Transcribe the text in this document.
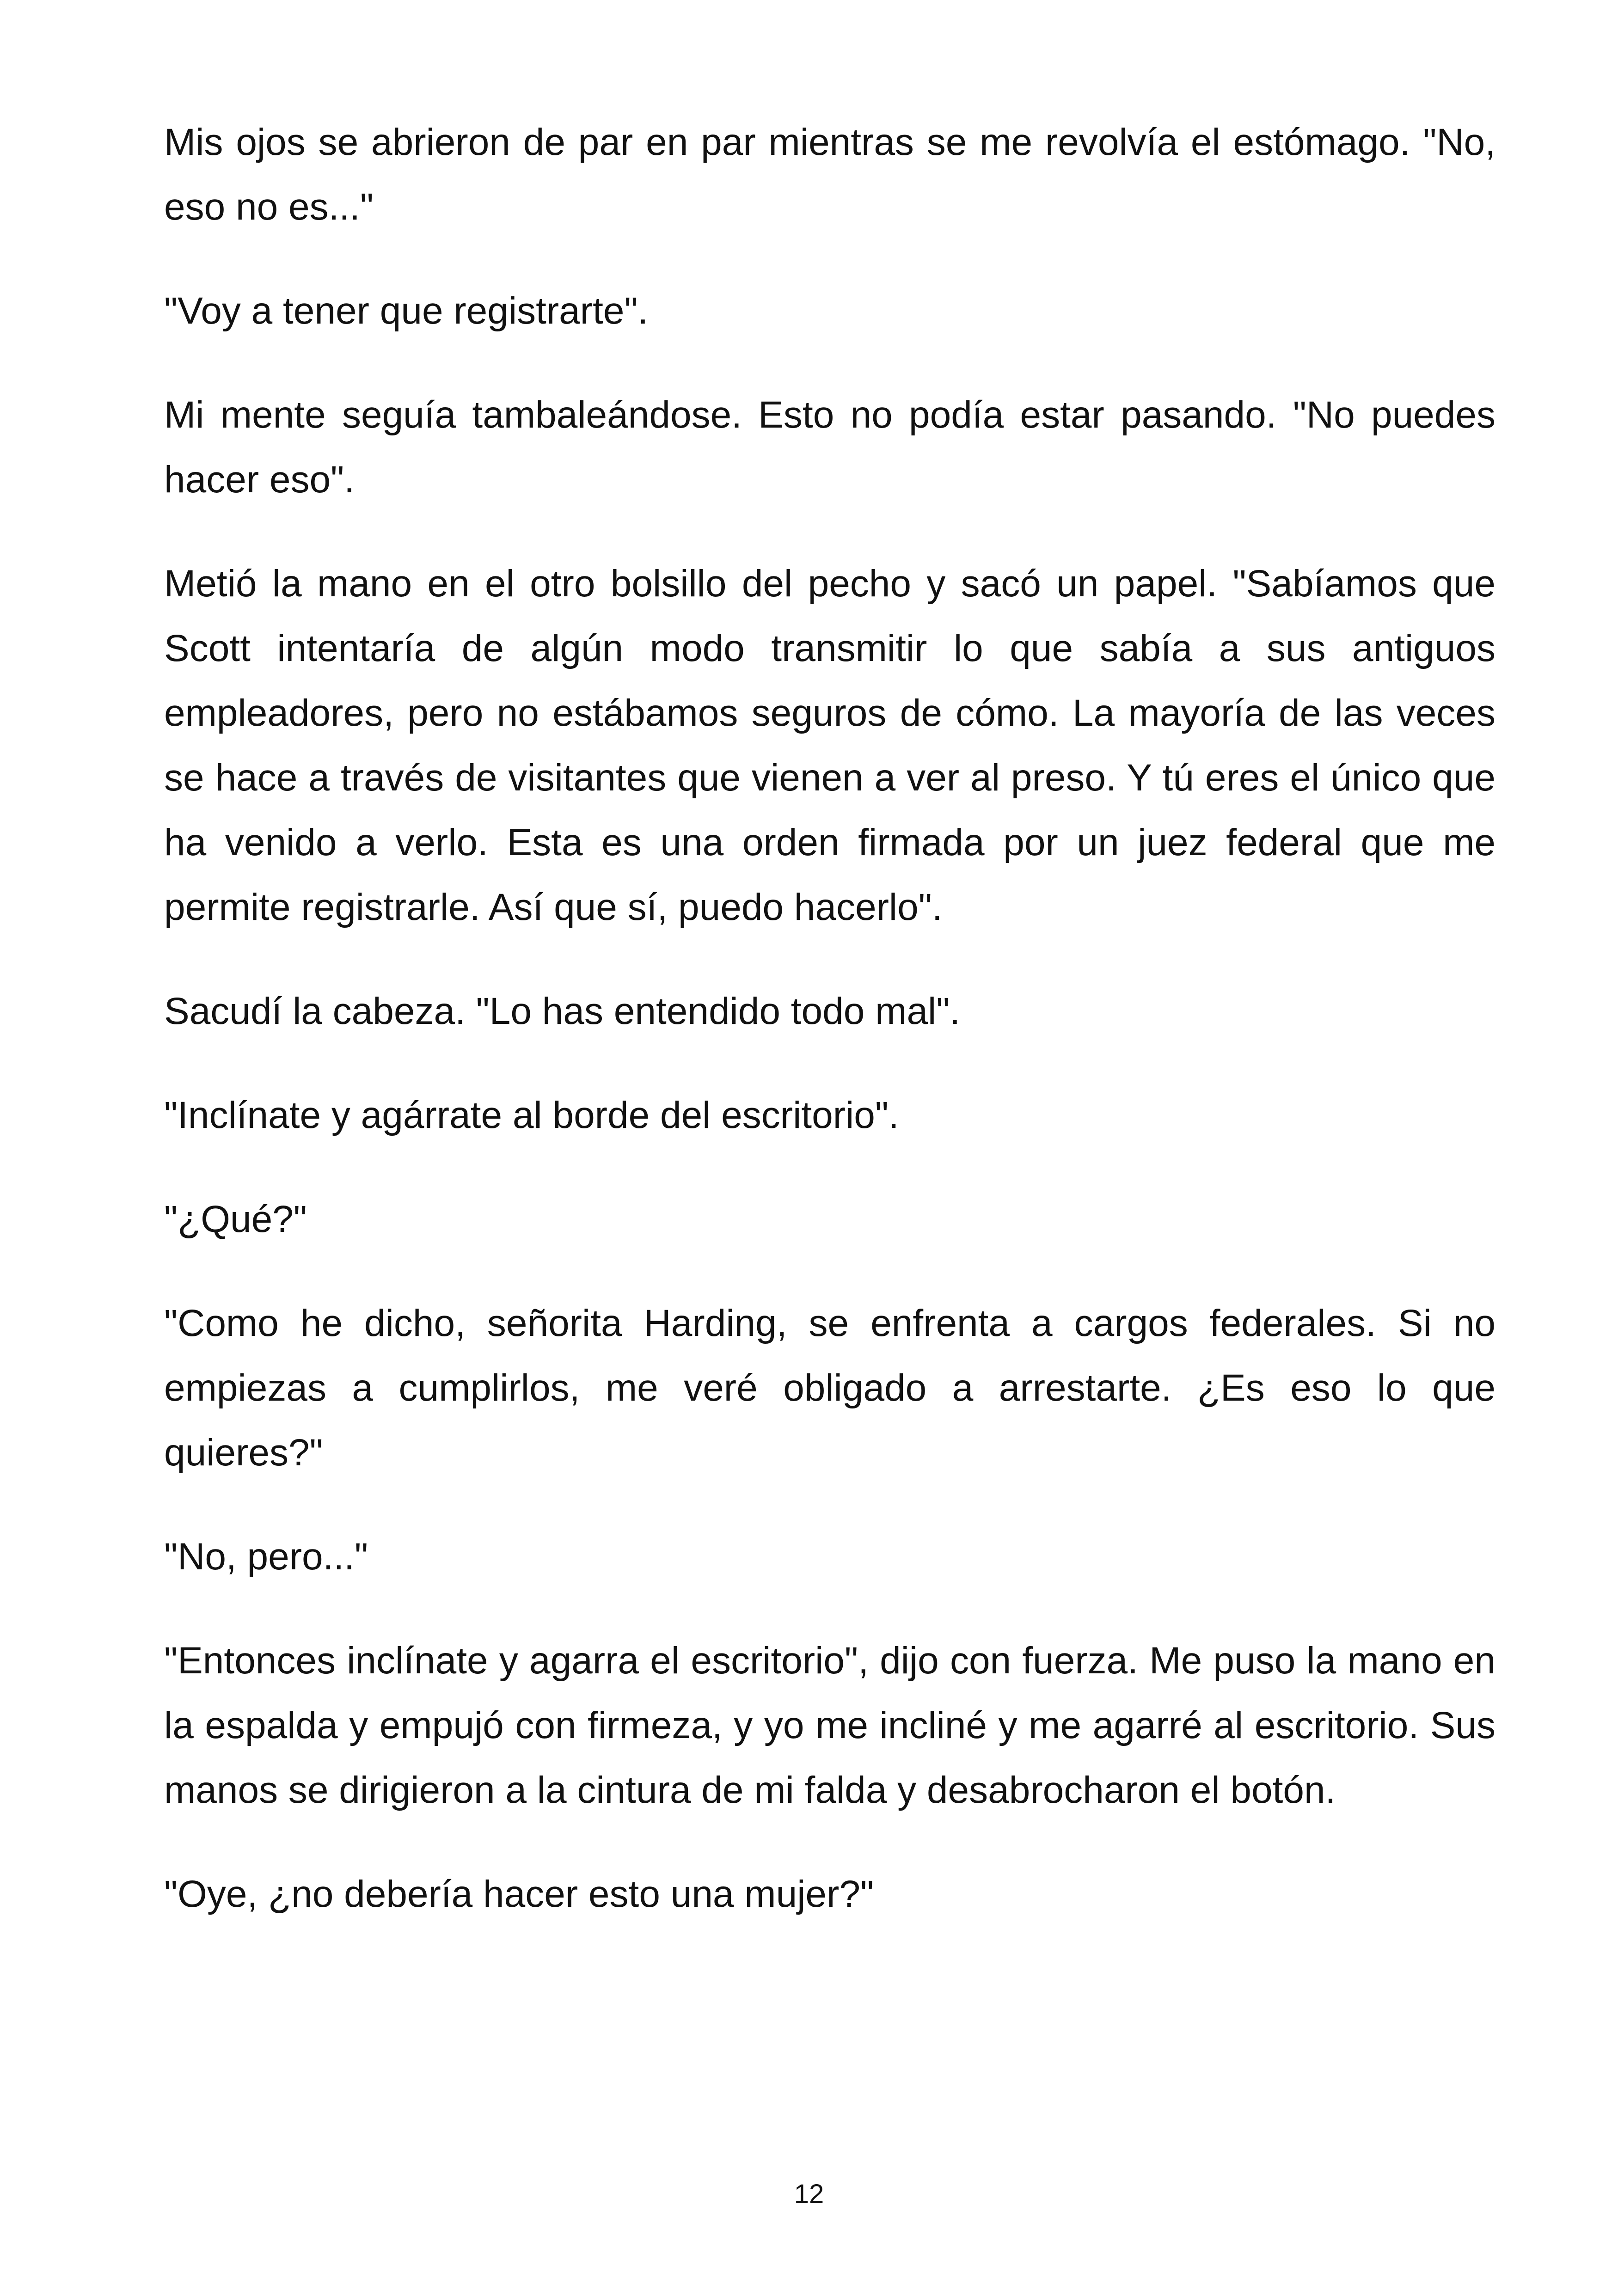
Mis ojos se abrieron de par en par mientras se me revolvía el estómago. "No, eso no es..."

"Voy a tener que registrarte".

Mi mente seguía tambaleándose. Esto no podía estar pasando. "No puedes hacer eso".

Metió la mano en el otro bolsillo del pecho y sacó un papel. "Sabíamos que Scott intentaría de algún modo transmitir lo que sabía a sus antiguos empleadores, pero no estábamos seguros de cómo. La mayoría de las veces se hace a través de visitantes que vienen a ver al preso. Y tú eres el único que ha venido a verlo. Esta es una orden firmada por un juez federal que me permite registrarle. Así que sí, puedo hacerlo".

Sacudí la cabeza. "Lo has entendido todo mal".

"Inclínate y agárrate al borde del escritorio".

"¿Qué?"

"Como he dicho, señorita Harding, se enfrenta a cargos federales. Si no empiezas a cumplirlos, me veré obligado a arrestarte. ¿Es eso lo que quieres?"

"No, pero..."

"Entonces inclínate y agarra el escritorio", dijo con fuerza. Me puso la mano en la espalda y empujó con firmeza, y yo me incliné y me agarré al escritorio. Sus manos se dirigieron a la cintura de mi falda y desabrocharon el botón.

"Oye, ¿no debería hacer esto una mujer?"

12
